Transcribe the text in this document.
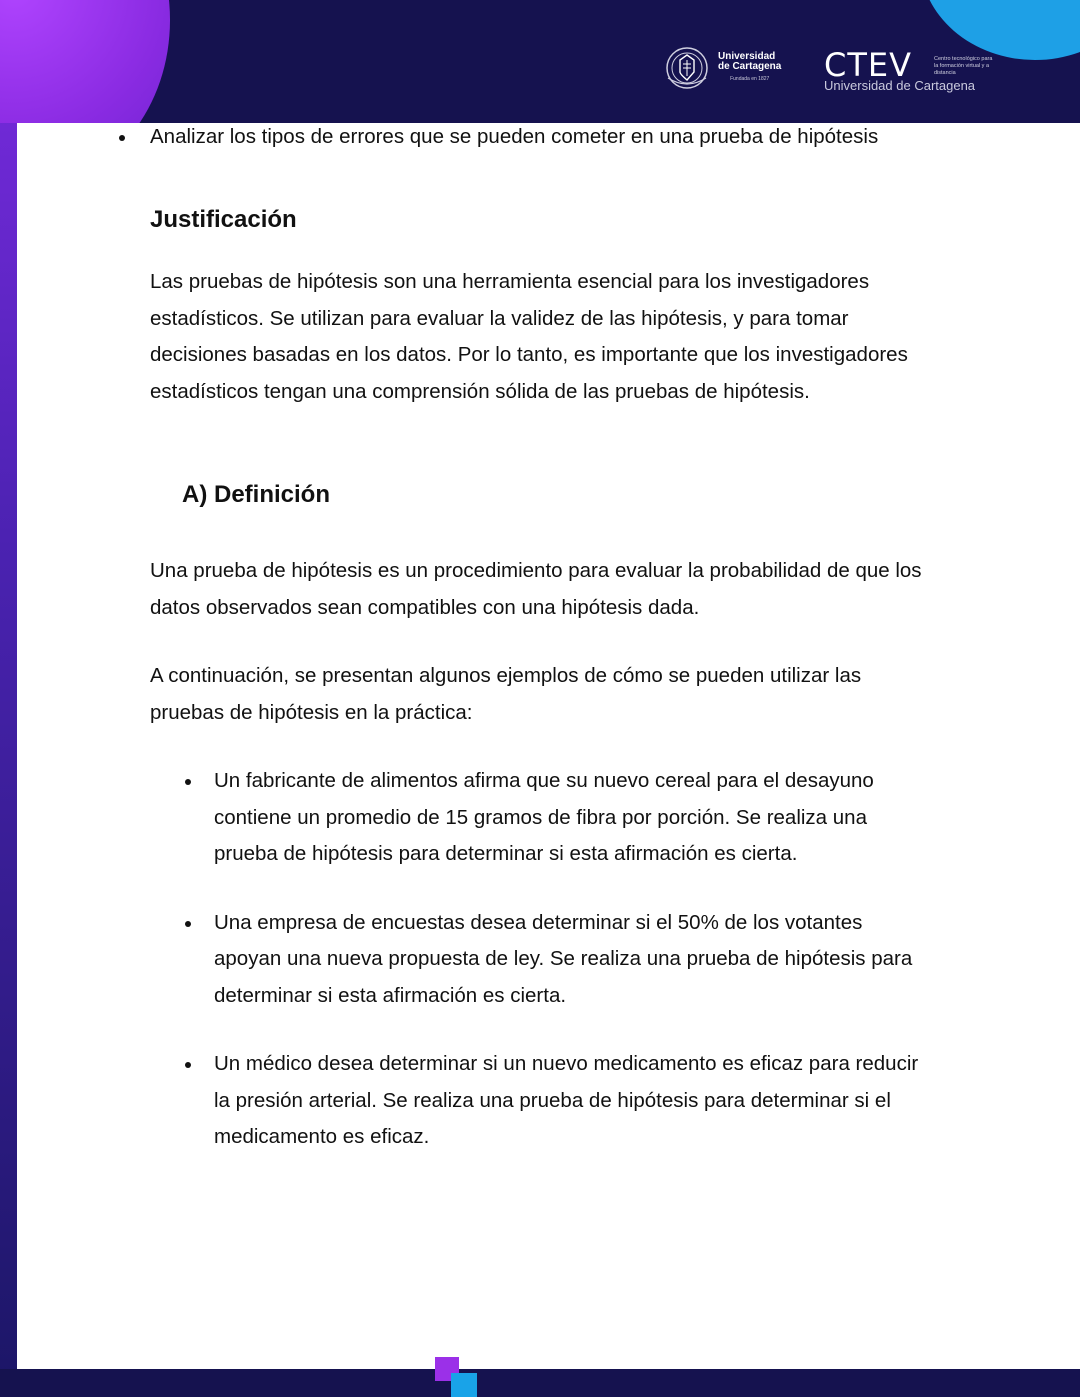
Universidad
de Cartagena
Fundada en 1827	CTEV	Centro tecnológico para la formación virtual y a distancia
Universidad de Cartagena
Analizar los tipos de errores que se pueden cometer en una prueba de hipótesis
Justificación
Las pruebas de hipótesis son una herramienta esencial para los investigadores estadísticos. Se utilizan para evaluar la validez de las hipótesis, y para tomar decisiones basadas en los datos. Por lo tanto, es importante que los investigadores estadísticos tengan una comprensión sólida de las pruebas de hipótesis.
A) Definición
Una prueba de hipótesis es un procedimiento para evaluar la probabilidad de que los datos observados sean compatibles con una hipótesis dada.
A continuación, se presentan algunos ejemplos de cómo se pueden utilizar las pruebas de hipótesis en la práctica:
Un fabricante de alimentos afirma que su nuevo cereal para el desayuno contiene un promedio de 15 gramos de fibra por porción. Se realiza una prueba de hipótesis para determinar si esta afirmación es cierta.
Una empresa de encuestas desea determinar si el 50% de los votantes apoyan una nueva propuesta de ley. Se realiza una prueba de hipótesis para determinar si esta afirmación es cierta.
Un médico desea determinar si un nuevo medicamento es eficaz para reducir la presión arterial. Se realiza una prueba de hipótesis para determinar si el medicamento es eficaz.
